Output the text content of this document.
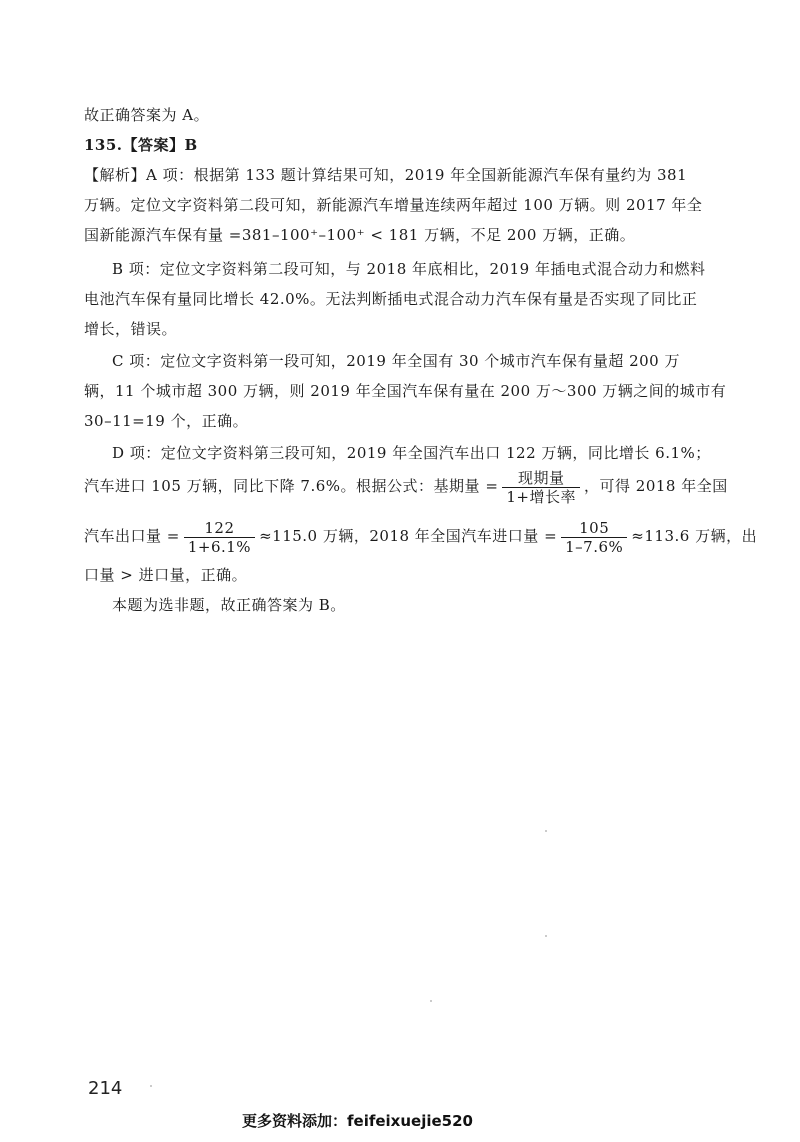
故正确答案为 A。
135.【答案】B
【解析】A 项：根据第 133 题计算结果可知，2019 年全国新能源汽车保有量约为 381
万辆。定位文字资料第二段可知，新能源汽车增量连续两年超过 100 万辆。则 2017 年全
国新能源汽车保有量 =381–100⁺–100⁺ < 181 万辆，不足 200 万辆，正确。
B 项：定位文字资料第二段可知，与 2018 年底相比，2019 年插电式混合动力和燃料
电池汽车保有量同比增长 42.0%。无法判断插电式混合动力汽车保有量是否实现了同比正
增长，错误。
C 项：定位文字资料第一段可知，2019 年全国有 30 个城市汽车保有量超 200 万
辆，11 个城市超 300 万辆，则 2019 年全国汽车保有量在 200 万～300 万辆之间的城市有
30–11=19 个，正确。
D 项：定位文字资料第三段可知，2019 年全国汽车出口 122 万辆，同比增长 6.1%；
汽车进口 105 万辆，同比下降 7.6%。根据公式：基期量 = $\frac{\text{现期量}}{\text{1+增长率}}$ ，可得 2018 年全国
汽车出口量 = $\frac{122}{1+6.1\%} \approx 115.0$ 万辆，2018 年全国汽车进口量 = $\frac{105}{1-7.6\%} \approx 113.6$ 万辆，出
口量 > 进口量，正确。
本题为选非题，故正确答案为 B。
214
更多资料添加：feifeixuejie520
